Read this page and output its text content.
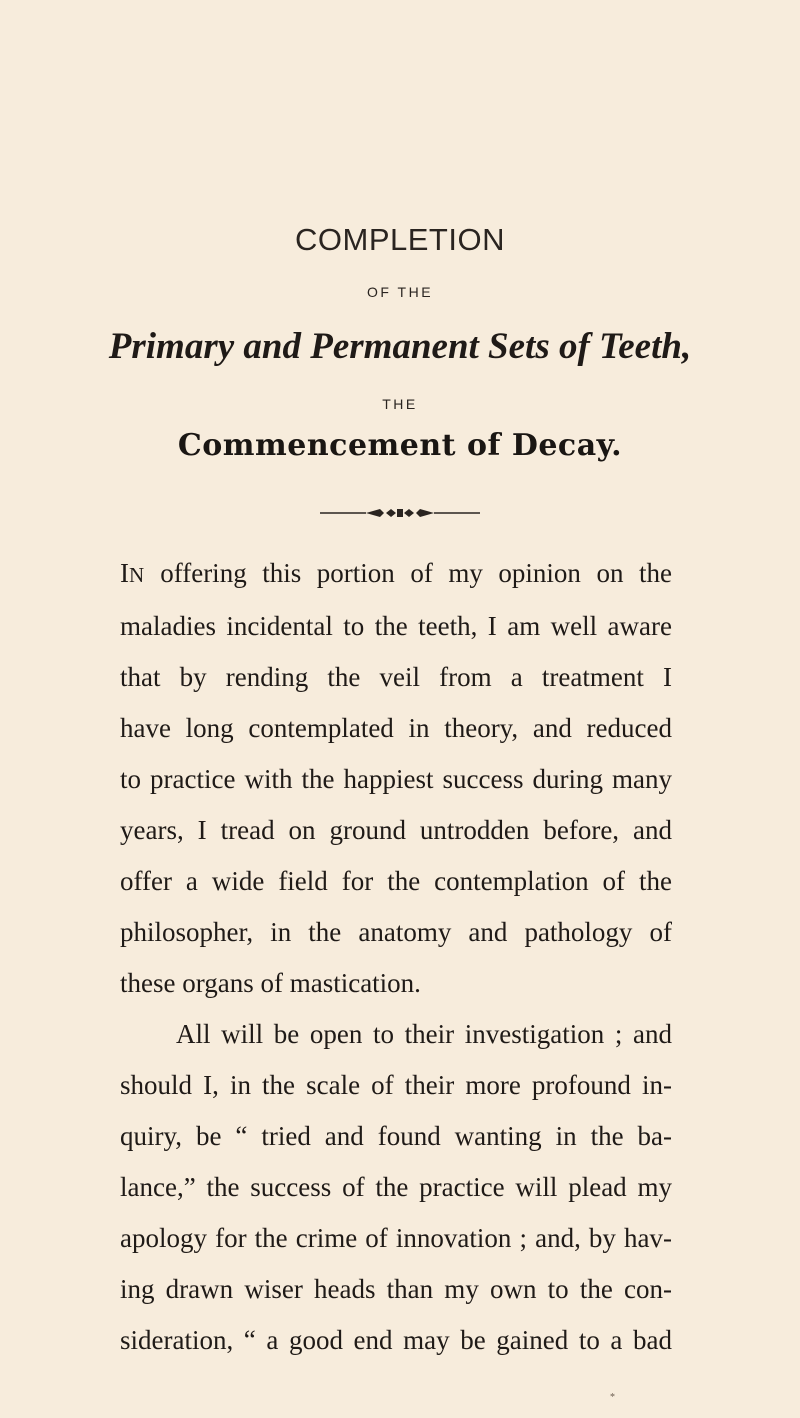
COMPLETION
OF THE
Primary and Permanent Sets of Teeth,
THE
Commencement of Decay.

IN offering this portion of my opinion on the
maladies incidental to the teeth, I am well aware
that by rending the veil from a treatment I
have long contemplated in theory, and reduced
to practice with the happiest success during many
years, I tread on ground untrodden before, and
offer a wide field for the contemplation of the
philosopher, in the anatomy and pathology of
these organs of mastication.

All will be open to their investigation ; and
should I, in the scale of their more profound in-
quiry, be “ tried and found wanting in the ba-
lance,” the success of the practice will plead my
apology for the crime of innovation ; and, by hav-
ing drawn wiser heads than my own to the con-
sideration, “ a good end may be gained to a bad

*
